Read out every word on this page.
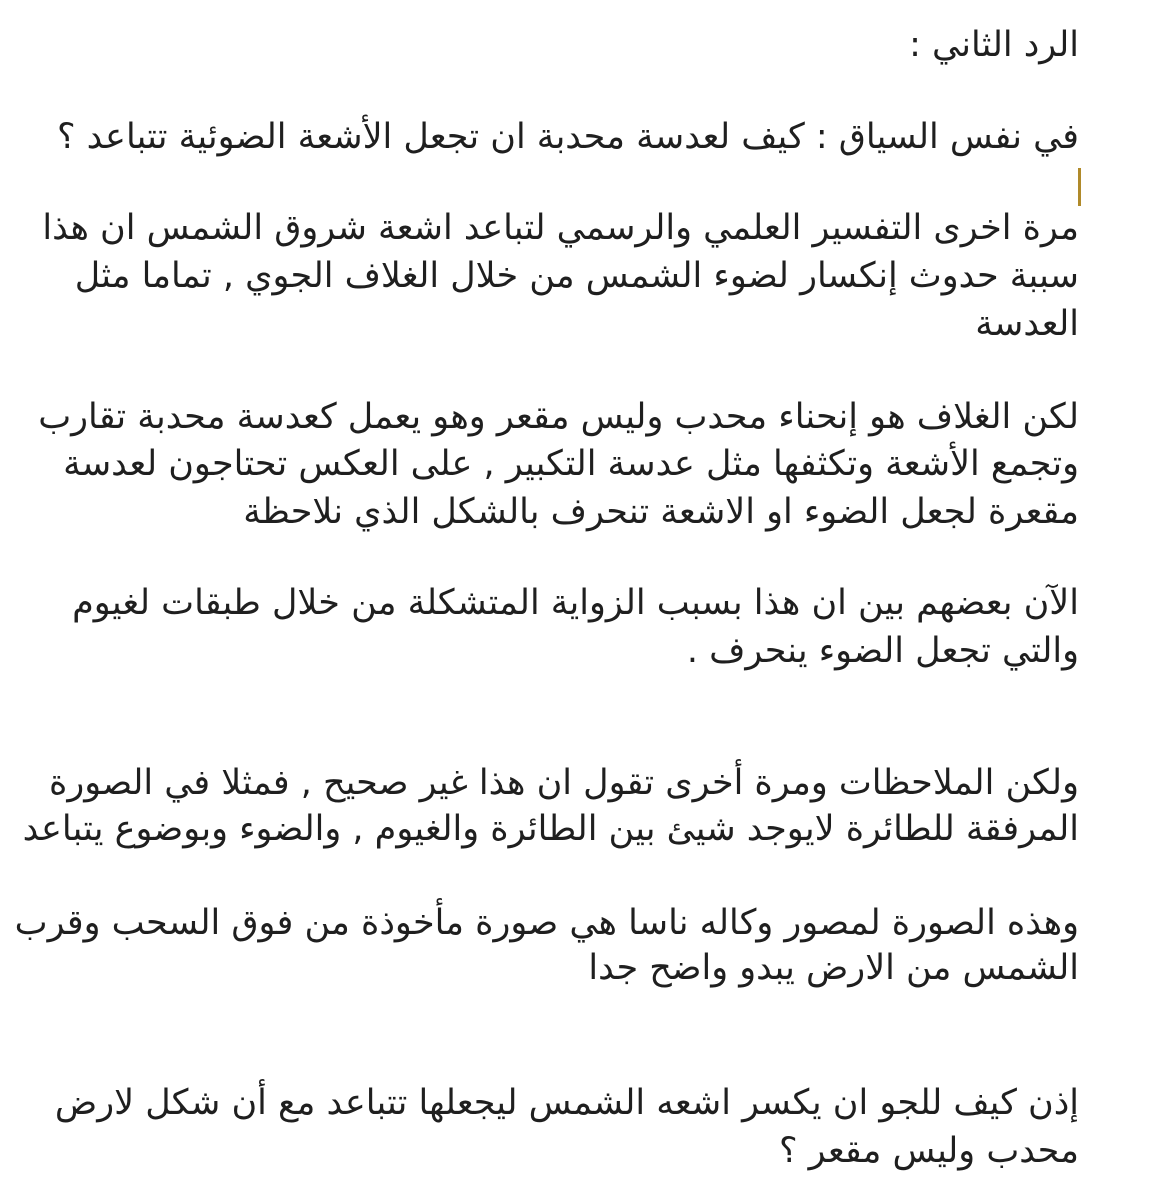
الرد الثاني :
في نفس السياق : كيف لعدسة محدبة ان تجعل الأشعة الضوئية تتباعد ؟
مرة اخرى التفسير العلمي والرسمي لتباعد اشعة شروق الشمس ان هذا
سببة حدوث إنكسار لضوء الشمس من خلال الغلاف الجوي , تماما مثل
العدسة
لكن الغلاف هو إنحناء محدب وليس مقعر وهو يعمل كعدسة محدبة تقارب
وتجمع الأشعة وتكثفها مثل عدسة التكبير , على العكس تحتاجون لعدسة
مقعرة لجعل الضوء او الاشعة تنحرف بالشكل الذي نلاحظة
الآن بعضهم بين ان هذا بسبب الزواية المتشكلة من خلال طبقات لغيوم
والتي تجعل الضوء ينحرف .
ولكن الملاحظات ومرة أخرى تقول ان هذا غير صحيح , فمثلا في الصورة
المرفقة للطائرة لايوجد شيئ بين الطائرة والغيوم , والضوء وبوضوع يتباعد
وهذه الصورة لمصور وكاله ناسا هي صورة مأخوذة من فوق السحب وقرب
الشمس من الارض يبدو واضح جدا
إذن كيف للجو ان يكسر اشعه الشمس ليجعلها تتباعد مع أن شكل لارض
محدب وليس مقعر ؟
